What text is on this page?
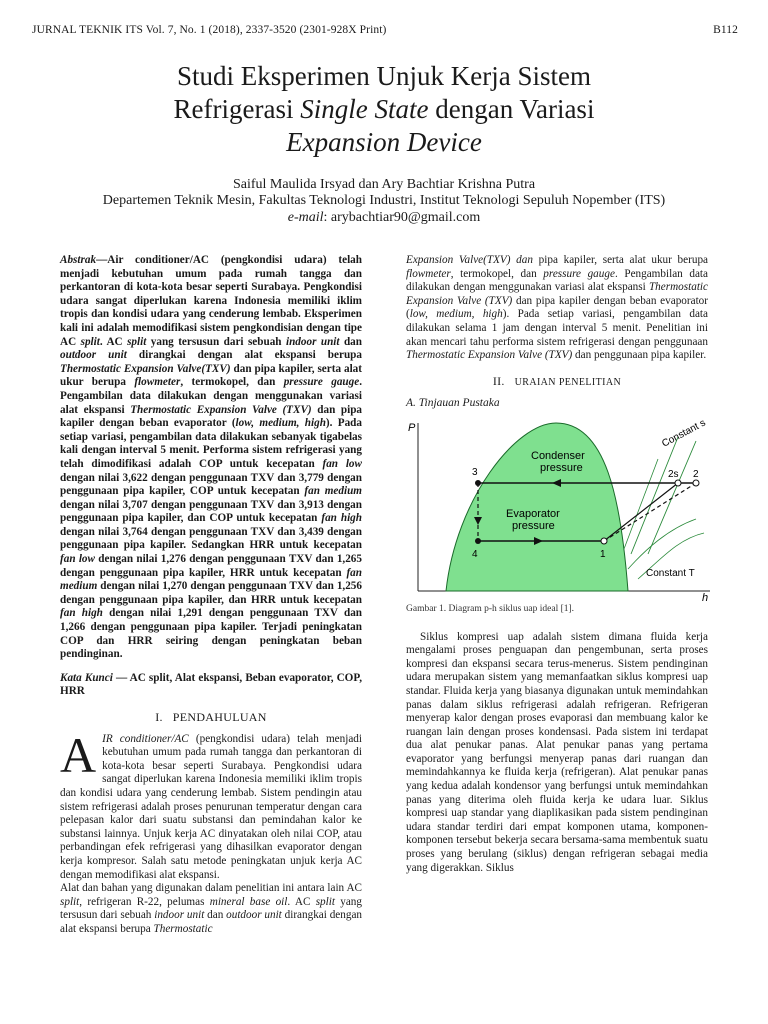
JURNAL TEKNIK ITS Vol. 7, No. 1 (2018), 2337-3520 (2301-928X Print)	B112
Studi Eksperimen Unjuk Kerja Sistem
Refrigerasi Single State dengan Variasi
Expansion Device
Saiful Maulida Irsyad dan Ary Bachtiar Krishna Putra
Departemen Teknik Mesin, Fakultas Teknologi Industri, Institut Teknologi Sepuluh Nopember (ITS)
e-mail: arybachtiar90@gmail.com

Abstrak—Air conditioner/AC (pengkondisi udara) telah menjadi kebutuhan umum pada rumah tangga dan perkantoran di kota-kota besar seperti Surabaya. Pengkondisi udara sangat diperlukan karena Indonesia memiliki iklim tropis dan kondisi udara yang cenderung lembab. Eksperimen kali ini adalah memodifikasi sistem pengkondisian dengan tipe AC split. AC split yang tersusun dari sebuah indoor unit dan outdoor unit dirangkai dengan alat ekspansi berupa Thermostatic Expansion Valve(TXV) dan pipa kapiler, serta alat ukur berupa flowmeter, termokopel, dan pressure gauge. Pengambilan data dilakukan dengan menggunakan variasi alat ekspansi Thermostatic Expansion Valve (TXV) dan pipa kapiler dengan beban evaporator (low, medium, high). Pada setiap variasi, pengambilan data dilakukan sebanyak tigabelas kali dengan interval 5 menit. Performa sistem refrigerasi yang telah dimodifikasi adalah COP untuk kecepatan fan low dengan nilai 3,622 dengan penggunaan TXV dan 3,779 dengan penggunaan pipa kapiler, COP untuk kecepatan fan medium dengan nilai 3,707 dengan penggunaan TXV dan 3,913 dengan penggunaan pipa kapiler, dan COP untuk kecepatan fan high dengan nilai 3,764 dengan penggunaan TXV dan 3,439 dengan penggunaan pipa kapiler. Sedangkan HRR untuk kecepatan fan low dengan nilai 1,276 dengan penggunaan TXV dan 1,265 dengan penggunaan pipa kapiler, HRR untuk kecepatan fan medium dengan nilai 1,270 dengan penggunaan TXV dan 1,256 dengan penggunaan pipa kapiler, dan HRR untuk kecepatan fan high dengan nilai 1,291 dengan penggunaan TXV dan 1,266 dengan penggunaan pipa kapiler. Terjadi peningkatan COP dan HRR seiring dengan peningkatan beban pendinginan.

Kata Kunci — AC split, Alat ekspansi, Beban evaporator, COP, HRR

I. PENDAHULUAN

AIR conditioner/AC (pengkondisi udara) telah menjadi kebutuhan umum pada rumah tangga dan perkantoran di kota-kota besar seperti Surabaya. Pengkondisi udara sangat diperlukan karena Indonesia memiliki iklim tropis dan kondisi udara yang cenderung lembab. Sistem pendingin atau sistem refrigerasi adalah proses penurunan temperatur dengan cara pelepasan kalor dari suatu substansi dan pemindahan kalor ke substansi lainnya. Unjuk kerja AC dinyatakan oleh nilai COP, atau perbandingan efek refrigerasi yang dihasilkan evaporator dengan kerja kompresor. Salah satu metode peningkatan unjuk kerja AC dengan memodifikasi alat ekspansi.

Alat dan bahan yang digunakan dalam penelitian ini antara lain AC split, refrigeran R-22, pelumas mineral base oil. AC split yang tersusun dari sebuah indoor unit dan outdoor unit dirangkai dengan alat ekspansi berupa Thermostatic

Expansion Valve(TXV) dan pipa kapiler, serta alat ukur berupa flowmeter, termokopel, dan pressure gauge. Pengambilan data dilakukan dengan menggunakan variasi alat ekspansi Thermostatic Expansion Valve (TXV) dan pipa kapiler dengan beban evaporator (low, medium, high). Pada setiap variasi, pengambilan data dilakukan selama 1 jam dengan interval 5 menit. Penelitian ini akan mencari tahu performa sistem refrigerasi dengan penggunaan Thermostatic Expansion Valve (TXV) dan penggunaan pipa kapiler.

II. URAIAN PENELITIAN
A. Tinjauan Pustaka
P
h
3
4	1
2s 2
Condenser
pressure
Evaporator
pressure
Constant s
Constant T
Gambar 1. Diagram p-h siklus uap ideal [1].

Siklus kompresi uap adalah sistem dimana fluida kerja mengalami proses penguapan dan pengembunan, serta proses kompresi dan ekspansi secara terus-menerus. Sistem pendinginan udara merupakan sistem yang memanfaatkan siklus kompresi uap standar. Fluida kerja yang biasanya digunakan untuk memindahkan panas dalam siklus refrigerasi adalah refrigeran. Refrigeran menyerap kalor dengan proses evaporasi dan membuang kalor ke ruangan lain dengan proses kondensasi. Pada sistem ini terdapat dua alat penukar panas. Alat penukar panas yang pertama evaporator yang berfungsi menyerap panas dari ruangan dan memindahkannya ke fluida kerja (refrigeran). Alat penukar panas yang kedua adalah kondensor yang berfungsi untuk memindahkan panas yang diterima oleh fluida kerja ke udara luar. Siklus kompresi uap standar yang diaplikasikan pada sistem pendinginan udara standar terdiri dari empat komponen utama, komponen-komponen tersebut bekerja secara bersama-sama membentuk suatu proses yang berulang (siklus) dengan refrigeran sebagai media yang digerakkan. Siklus
